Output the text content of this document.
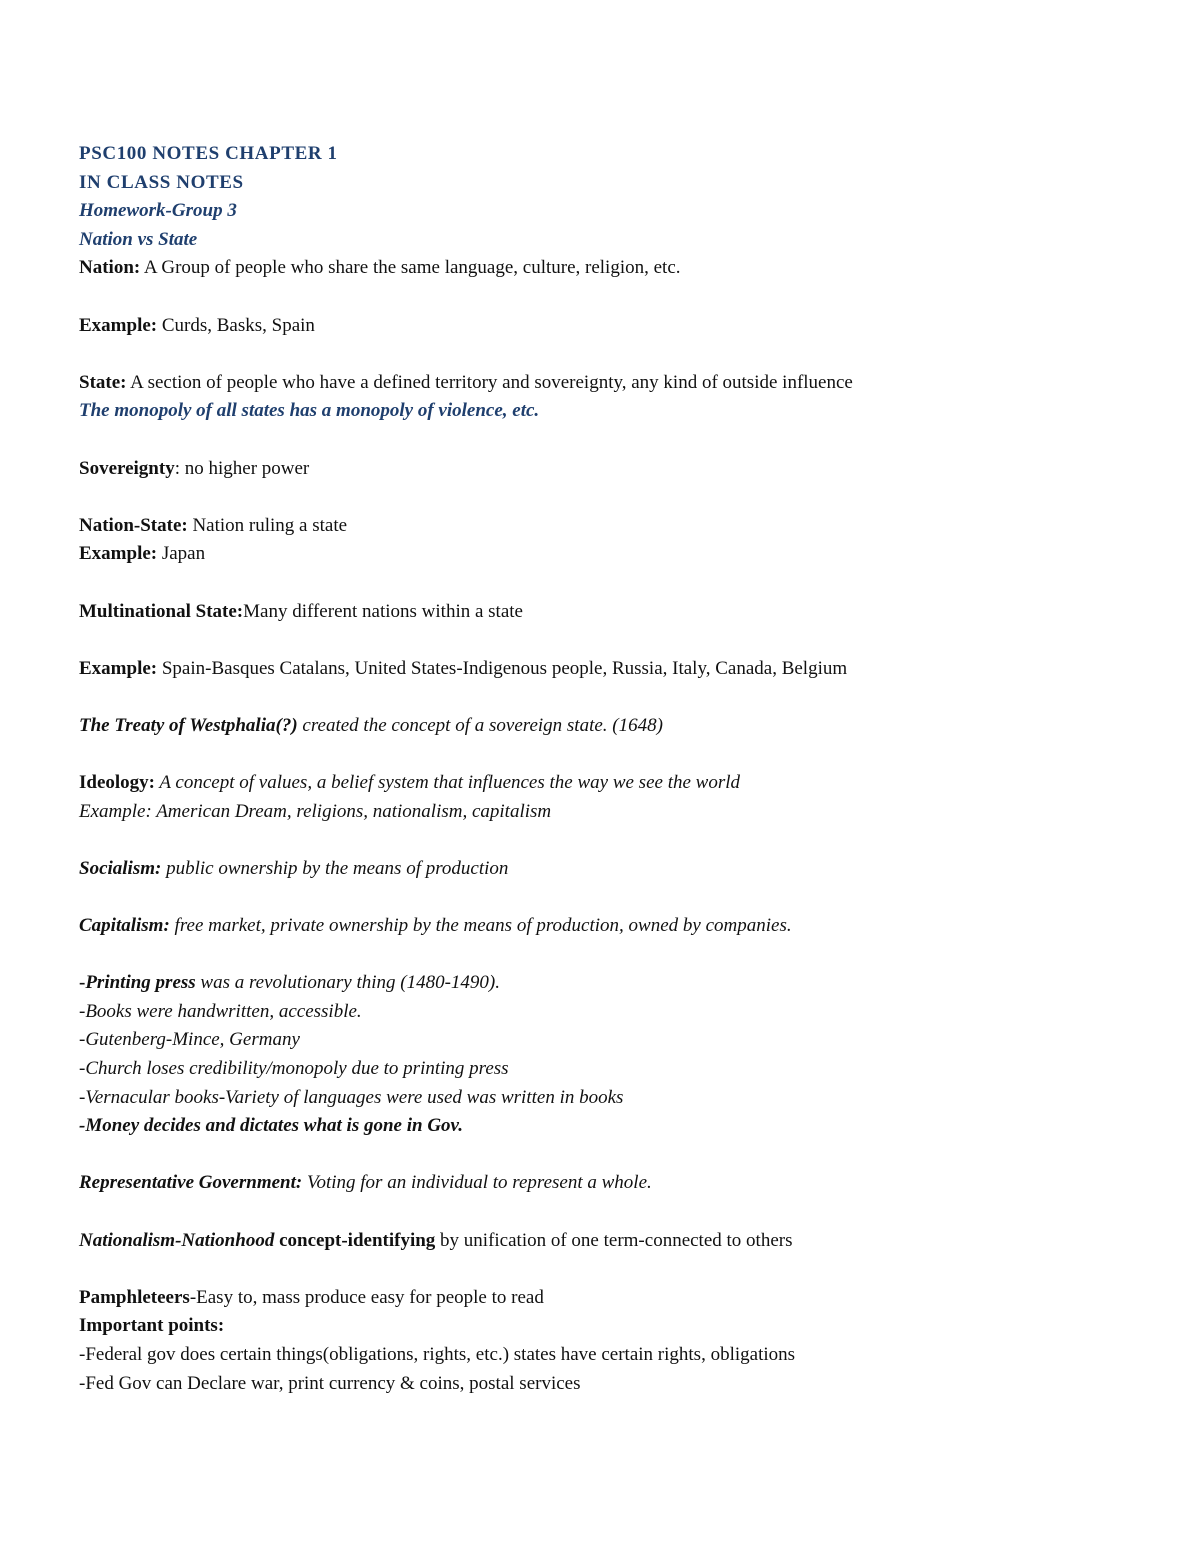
PSC100 NOTES CHAPTER 1
IN CLASS NOTES
Homework-Group 3
Nation vs State
Nation: A Group of people who share the same language, culture, religion, etc.
Example: Curds, Basks, Spain
State: A section of people who have a defined territory and sovereignty, any kind of outside influence
The monopoly of all states has a monopoly of violence, etc.
Sovereignty: no higher power
Nation-State: Nation ruling a state
Example: Japan
Multinational State:Many different nations within a state
Example: Spain-Basques Catalans, United States-Indigenous people, Russia, Italy, Canada, Belgium
The Treaty of Westphalia(?) created the concept of a sovereign state. (1648)
Ideology: A concept of values, a belief system that influences the way we see the world
Example: American Dream, religions, nationalism, capitalism
Socialism: public ownership by the means of production
Capitalism: free market, private ownership by the means of production, owned by companies.
-Printing press was a revolutionary thing (1480-1490).
-Books were handwritten, accessible.
-Gutenberg-Mince, Germany
-Church loses credibility/monopoly due to printing press
-Vernacular books-Variety of languages were used was written in books
-Money decides and dictates what is gone in Gov.
Representative Government: Voting for an individual to represent a whole.
Nationalism-Nationhood concept-identifying by unification of one term-connected to others
Pamphleteers-Easy to, mass produce easy for people to read
Important points:
-Federal gov does certain things(obligations, rights, etc.) states have certain rights, obligations
-Fed Gov can Declare war, print currency & coins, postal services
